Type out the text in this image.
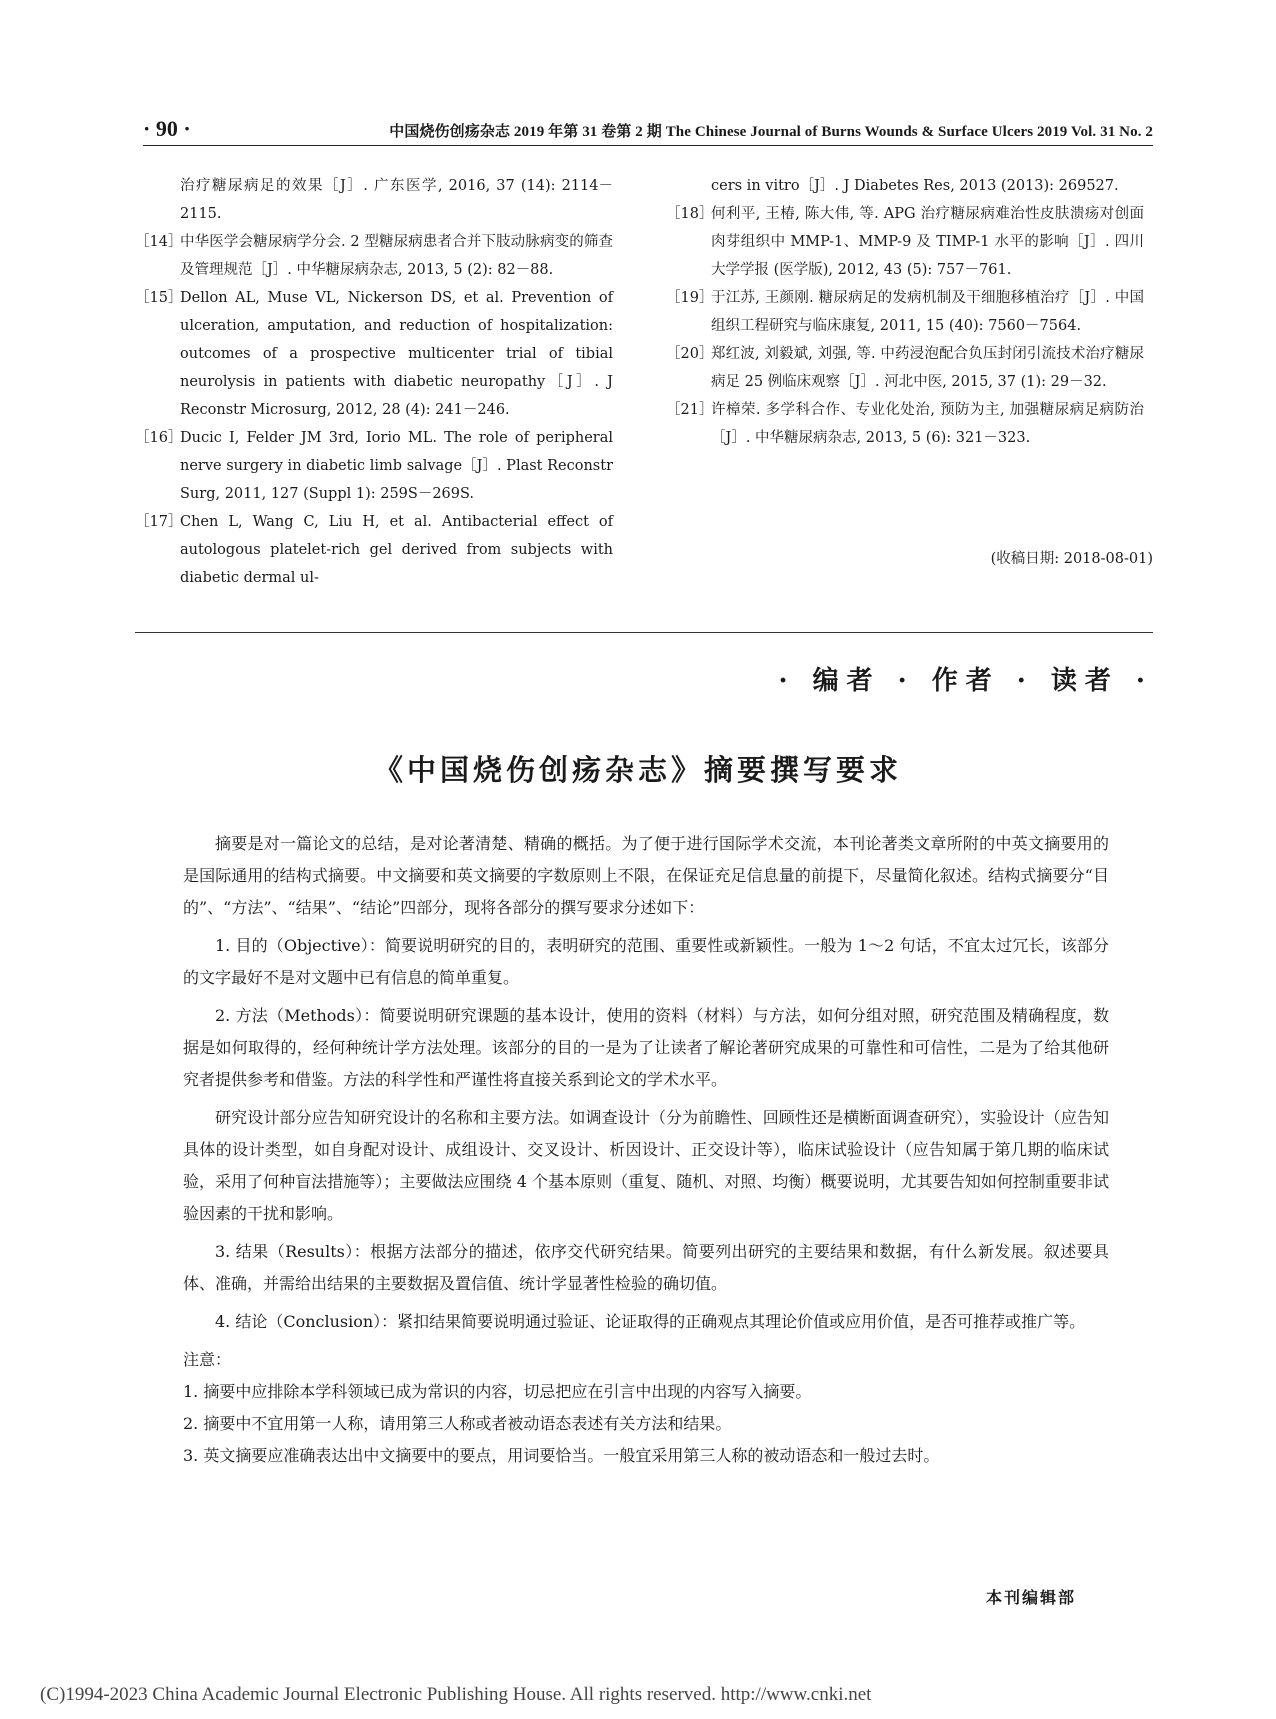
· 90 ·	中国烧伤创疡杂志 2019 年第 31 卷第 2 期 The Chinese Journal of Burns Wounds & Surface Ulcers 2019 Vol. 31 No. 2
治疗糖尿病足的效果［J］. 广东医学, 2016, 37 (14): 2114－2115.
［14］
中华医学会糖尿病学分会. 2 型糖尿病患者合并下肢动脉病变的筛查及管理规范［J］. 中华糖尿病杂志, 2013, 5 (2): 82－88.
［15］
Dellon AL, Muse VL, Nickerson DS, et al. Prevention of ulceration, amputation, and reduction of hospitalization: outcomes of a prospective multicenter trial of tibial neurolysis in patients with diabetic neuropathy［J］. J Reconstr Microsurg, 2012, 28 (4): 241－246.
［16］
Ducic I, Felder JM 3rd, Iorio ML. The role of peripheral nerve surgery in diabetic limb salvage［J］. Plast Reconstr Surg, 2011, 127 (Suppl 1): 259S－269S.
［17］
Chen L, Wang C, Liu H, et al. Antibacterial effect of autologous platelet-rich gel derived from subjects with diabetic dermal ul-
cers in vitro［J］. J Diabetes Res, 2013 (2013): 269527.
［18］
何利平, 王椿, 陈大伟, 等. APG 治疗糖尿病难治性皮肤溃疡对创面肉芽组织中 MMP-1、MMP-9 及 TIMP-1 水平的影响［J］. 四川大学学报 (医学版), 2012, 43 (5): 757－761.
［19］
于江苏, 王颜刚. 糖尿病足的发病机制及干细胞移植治疗［J］. 中国组织工程研究与临床康复, 2011, 15 (40): 7560－7564.
［20］
郑红波, 刘毅斌, 刘强, 等. 中药浸泡配合负压封闭引流技术治疗糖尿病足 25 例临床观察［J］. 河北中医, 2015, 37 (1): 29－32.
［21］
许樟荣. 多学科合作、专业化处治, 预防为主, 加强糖尿病足病防治［J］. 中华糖尿病杂志, 2013, 5 (6): 321－323.
(收稿日期: 2018-08-01)
· 编者 · 作者 · 读者 ·
《中国烧伤创疡杂志》摘要撰写要求

摘要是对一篇论文的总结，是对论著清楚、精确的概括。为了便于进行国际学术交流，本刊论著类文章所附的中英文摘要用的是国际通用的结构式摘要。中文摘要和英文摘要的字数原则上不限，在保证充足信息量的前提下，尽量简化叙述。结构式摘要分“目的”、“方法”、“结果”、“结论”四部分，现将各部分的撰写要求分述如下：

1. 目的（Objective）：简要说明研究的目的，表明研究的范围、重要性或新颖性。一般为 1～2 句话，不宜太过冗长，该部分的文字最好不是对文题中已有信息的简单重复。

2. 方法（Methods）：简要说明研究课题的基本设计，使用的资料（材料）与方法，如何分组对照，研究范围及精确程度，数据是如何取得的，经何种统计学方法处理。该部分的目的一是为了让读者了解论著研究成果的可靠性和可信性，二是为了给其他研究者提供参考和借鉴。方法的科学性和严谨性将直接关系到论文的学术水平。

研究设计部分应告知研究设计的名称和主要方法。如调查设计（分为前瞻性、回顾性还是横断面调查研究），实验设计（应告知具体的设计类型，如自身配对设计、成组设计、交叉设计、析因设计、正交设计等），临床试验设计（应告知属于第几期的临床试验，采用了何种盲法措施等）；主要做法应围绕 4 个基本原则（重复、随机、对照、均衡）概要说明，尤其要告知如何控制重要非试验因素的干扰和影响。

3. 结果（Results）：根据方法部分的描述，依序交代研究结果。简要列出研究的主要结果和数据，有什么新发展。叙述要具体、准确，并需给出结果的主要数据及置信值、统计学显著性检验的确切值。

4. 结论（Conclusion）：紧扣结果简要说明通过验证、论证取得的正确观点其理论价值或应用价值，是否可推荐或推广等。

注意：

1. 摘要中应排除本学科领域已成为常识的内容，切忌把应在引言中出现的内容写入摘要。

2. 摘要中不宜用第一人称，请用第三人称或者被动语态表述有关方法和结果。

3. 英文摘要应准确表达出中文摘要中的要点，用词要恰当。一般宜采用第三人称的被动语态和一般过去时。

本刊编辑部
(C)1994-2023 China Academic Journal Electronic Publishing House. All rights reserved. http://www.cnki.net
